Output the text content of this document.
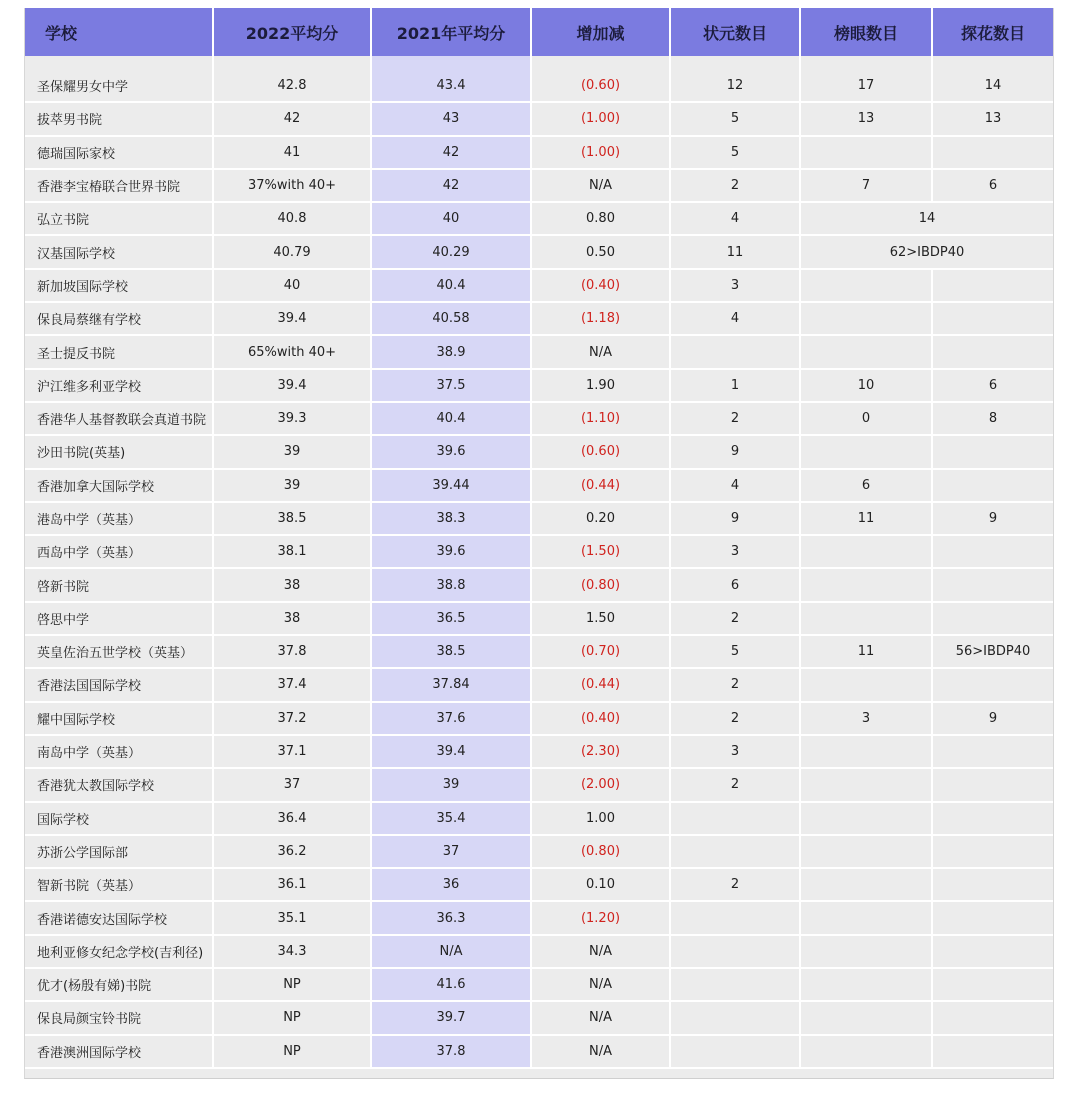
学校	2022平均分	2021年平均分	增加减	状元数目	榜眼数目	探花数目

圣保耀男女中学	42.8	43.4	(0.60)	12	17	14
拔萃男书院	42	43	(1.00)	5	13	13
德瑞国际家校	41	42	(1.00)	5		
香港李宝椿联合世界书院	37%with 40+	42	N/A	2	7	6
弘立书院	40.8	40	0.80	4	14	
汉基国际学校	40.79	40.29	0.50	11	62>IBDP40	
新加坡国际学校	40	40.4	(0.40)	3		
保良局蔡继有学校	39.4	40.58	(1.18)	4		
圣士提反书院	65%with 40+	38.9	N/A			
沪江维多利亚学校	39.4	37.5	1.90	1	10	6
香港华人基督教联会真道书院	39.3	40.4	(1.10)	2	0	8
沙田书院(英基)	39	39.6	(0.60)	9		
香港加拿大国际学校	39	39.44	(0.44)	4	6	
港岛中学（英基）	38.5	38.3	0.20	9	11	9
西岛中学（英基）	38.1	39.6	(1.50)	3		
啓新书院	38	38.8	(0.80)	6		
啓思中学	38	36.5	1.50	2		
英皇佐治五世学校（英基）	37.8	38.5	(0.70)	5	11	56>IBDP40
香港法国国际学校	37.4	37.84	(0.44)	2		
耀中国际学校	37.2	37.6	(0.40)	2	3	9
南岛中学（英基）	37.1	39.4	(2.30)	3		
香港犹太教国际学校	37	39	(2.00)	2		
国际学校	36.4	35.4	1.00			
苏浙公学国际部	36.2	37	(0.80)			
智新书院（英基）	36.1	36	0.10	2		
香港诺德安达国际学校	35.1	36.3	(1.20)			
地利亚修女纪念学校(吉利径)	34.3	N/A	N/A			
优才(杨殷有娣)书院	NP	41.6	N/A			
保良局颜宝铃书院	NP	39.7	N/A			
香港澳洲国际学校	NP	37.8	N/A			
